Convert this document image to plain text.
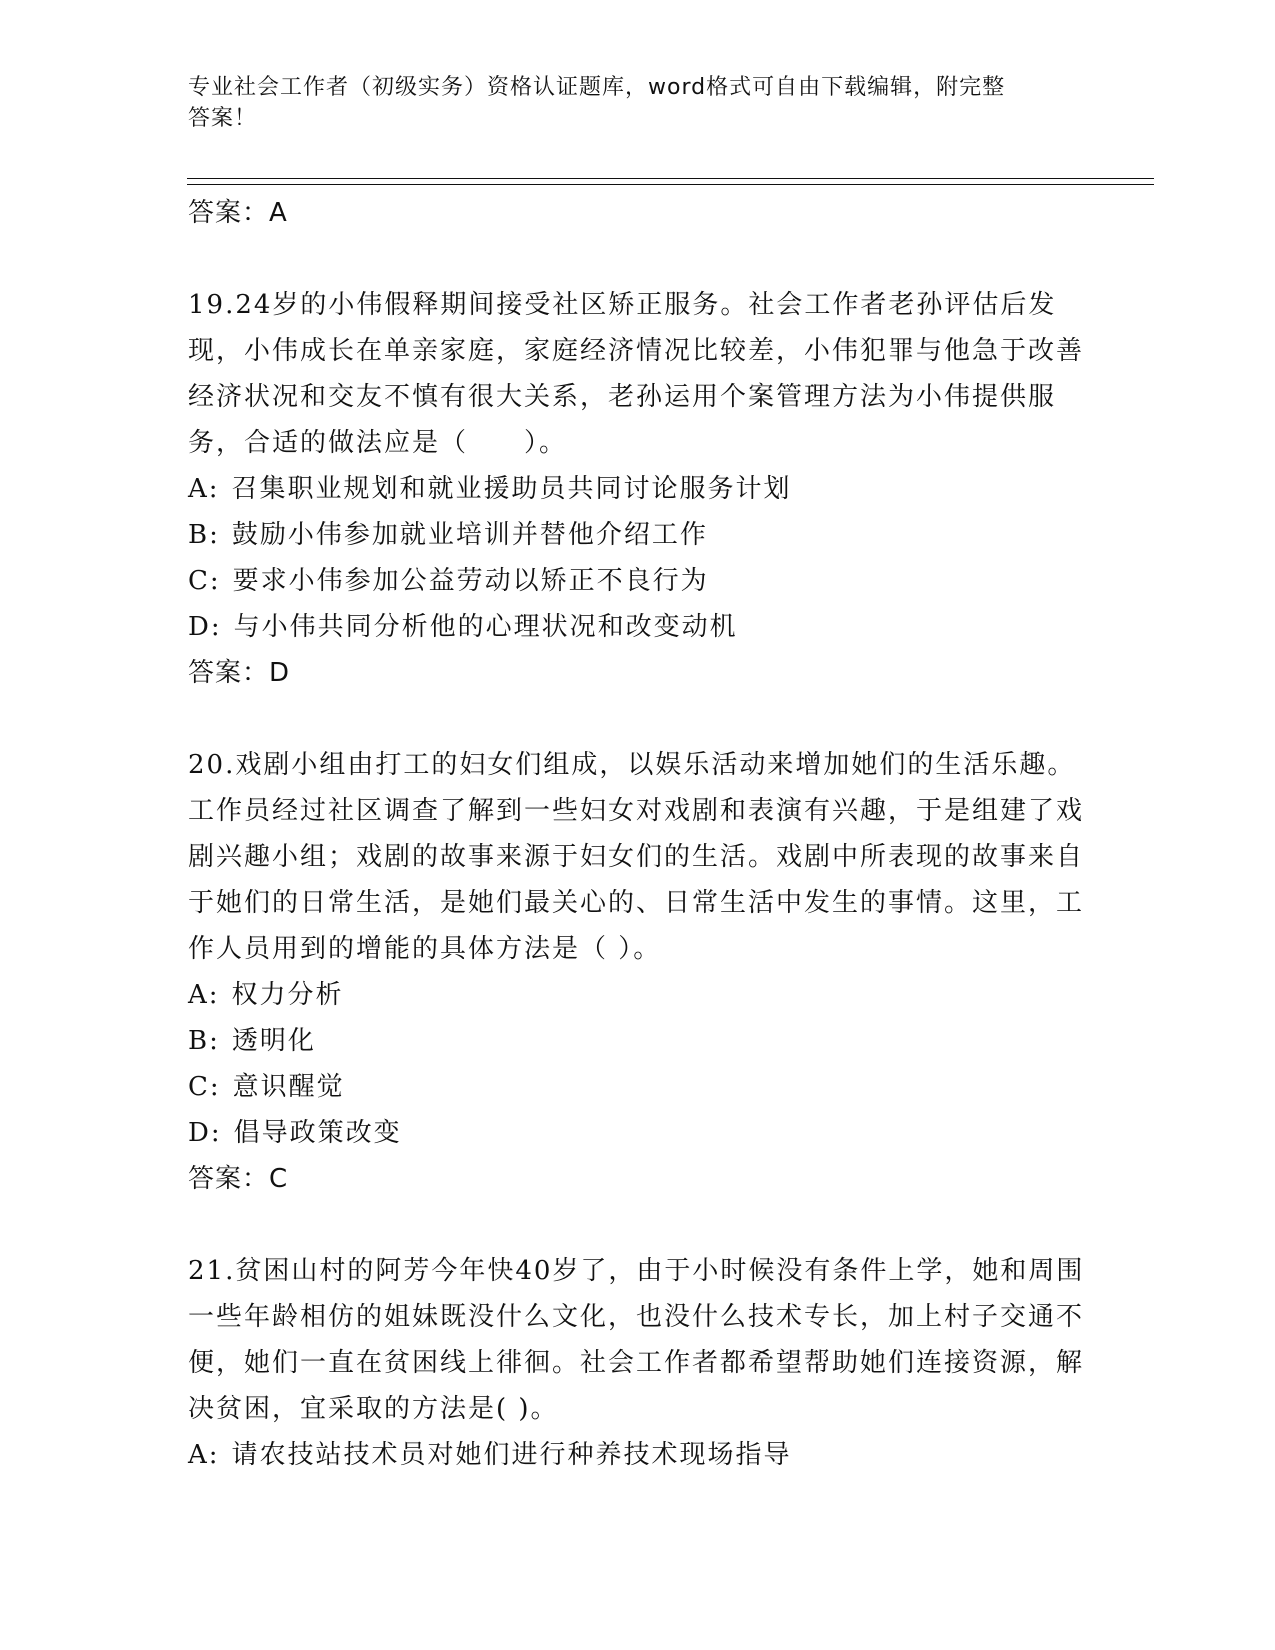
专业社会工作者（初级实务）资格认证题库，word格式可自由下载编辑，附完整
答案！
答案：A
19.24岁的小伟假释期间接受社区矫正服务。社会工作者老孙评估后发现，小伟成长在单亲家庭，家庭经济情况比较差，小伟犯罪与他急于改善经济状况和交友不慎有很大关系，老孙运用个案管理方法为小伟提供服务，合适的做法应是（　　）。
A: 召集职业规划和就业援助员共同讨论服务计划
B: 鼓励小伟参加就业培训并替他介绍工作
C: 要求小伟参加公益劳动以矫正不良行为
D: 与小伟共同分析他的心理状况和改变动机
答案：D
20.戏剧小组由打工的妇女们组成，以娱乐活动来增加她们的生活乐趣。工作员经过社区调查了解到一些妇女对戏剧和表演有兴趣，于是组建了戏剧兴趣小组；戏剧的故事来源于妇女们的生活。戏剧中所表现的故事来自于她们的日常生活，是她们最关心的、日常生活中发生的事情。这里，工作人员用到的增能的具体方法是（ ）。
A: 权力分析
B: 透明化
C: 意识醒觉
D: 倡导政策改变
答案：C
21.贫困山村的阿芳今年快40岁了，由于小时候没有条件上学，她和周围一些年龄相仿的姐妹既没什么文化，也没什么技术专长，加上村子交通不便，她们一直在贫困线上徘徊。社会工作者都希望帮助她们连接资源，解决贫困，宜采取的方法是( )。
A: 请农技站技术员对她们进行种养技术现场指导
